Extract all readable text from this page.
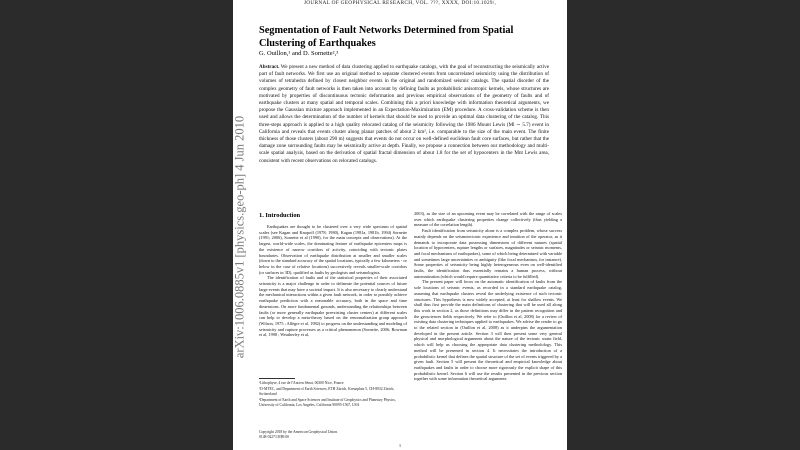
JOURNAL OF GEOPHYSICAL RESEARCH, VOL. ???, XXXX, DOI:10.1029/,
Segmentation of Fault Networks Determined from Spatial Clustering of Earthquakes
G. Ouillon,¹ and D. Sornette²,³
Abstract. We present a new method of data clustering applied to earthquake catalogs, with the goal of reconstructing the seismically active part of fault networks. We first use an original method to separate clustered events from uncorrelated seismicity using the distribution of volumes of tetrahedra defined by closest neighbor events in the original and randomized seismic catalogs. The spatial disorder of the complex geometry of fault networks is then taken into account by defining faults as probabilistic anisotropic kernels, whose structures are motivated by properties of discontinuous tectonic deformation and previous empirical observations of the geometry of faults and of earthquake clusters at many spatial and temporal scales. Combining this a priori knowledge with information theoretical arguments, we propose the Gaussian mixture approach implemented in an Expectation-Maximization (EM) procedure. A cross-validation scheme is then used and allows the determination of the number of kernels that should be used to provide an optimal data clustering of the catalog. This three-steps approach is applied to a high quality relocated catalog of the seismicity following the 1986 Mount Lewis (Ml ∼ 5.7) event in California and reveals that events cluster along planar patches of about 2 km², i.e. comparable to the size of the main event. The finite thickness of those clusters (about 290 m) suggests that events do not occur on well-defined euclidean fault core surfaces, but rather that the damage zone surrounding faults may be seismically active at depth. Finally, we propose a connection between our methodology and multi-scale spatial analysis, based on the derivation of spatial fractal dimension of about 1.8 for the set of hypocenters in the Mnt Lewis area, consistent with recent observations on relocated catalogs.
1. Introduction

Earthquakes are thought to be clustered over a very wide spectrum of spatial scales (see Kagan and Knopoff (1978; 1980), Kagan (1981a, 1981b, 1994) Sornette (1991; 2006), Sornette et al (1990), for the main concepts and observations). At the largest, world-wide scales, the dominating feature of earthquake epicenters maps is the existence of narrow corridors of activity, coinciding with tectonic plates boundaries. Observation of earthquake distribution at smaller and smaller scales (down to the standard accuracy of the spatial locations, typically a few kilometers - or below in the case of relative locations) successively reveals smaller-scale corridors (or surfaces in 3D), qualified as faults by geologists and seismologists.

The identification of faults and of the statistical properties of their associated seismicity is a major challenge in order to delineate the potential sources of future large events that may have a societal impact. It is also necessary to clearly understand the mechanical interactions within a given fault network, in order to possibly achieve earthquake prediction with a reasonable accuracy, both in the space and time dimensions. On more fundamental grounds, understanding the relationships between faults (or more generally earthquake preexisting cluster centers) at different scales can help to develop a meta-theory based on the renormalization group approach (Wilson, 1975 ; Allègre et al, 1982) to progress on the understanding and modeling of seismicity and rupture processes as a critical phenomenon (Sornette, 2006; Bowman et al, 1998 ; Weatherley et al,

2003), as the size of an upcoming event may be correlated with the range of scales over which earthquake clustering properties change collectively (thus yielding a measure of the correlation length).

Fault identification from seismicity alone is a complex problem, whose success mainly depends on the seismotectonic experience and intuition of the operator, as it demands to incorporate data possessing dimensions of different natures (spatial location of hypocenters, rupture lengths or surfaces, magnitudes or seismic moments, and focal mechanisms of earthquakes), some of which being determined with variable and sometimes large uncertainties or ambiguity (like focal mechanism, for instance). Some properties of seismicity being highly heterogeneous even on well-identified faults, the identification thus essentially remains a human process, without automatization (which would require quantitative criteria to be fulfilled).

The present paper will focus on the automatic identification of faults from the sole locations of seismic events, as recorded in a standard earthquake catalog, assuming that earthquake clusters reveal the underlying existence of such tectonic structures. This hypothesis is now widely accepted, at least for shallow events. We shall thus first provide the main definitions of clustering that will be used all along this work in section 2, as those definitions may differ in the pattern recognition and the geosciences fields respectively. We refer to (Ouillon et al, 2008) for a review of existing data clustering techniques applied to earthquakes. We advise the reader to go to the related section in (Ouillon et al, 2008) as it underpins the argumentation developed in the present article. Section 3 will then present some very general physical and morphological arguments about the nature of the tectonic strain field, which will help us choosing the appropriate data clustering methodology. This method will be presented in section 4. It necessitates the introduction of a probabilistic kernel that defines the spatial structure of the set of events triggered by a given fault. Section 5 will present the theoretical and empirical knowledge about earthquakes and faults in order to choose more rigorously the explicit shape of this probabilistic kernel. Section 6 will use the results presented in the previous section together with some information theoretical arguments

¹Lithophyse, 4 rue de l'Ancien Sénat, 06300 Nice, France

²D-MTEC, and Department of Earth Sciences, ETH Zürich, Kreuzplatz 5, CH-8032 Zürich, Switzerland

³Department of Earth and Space Sciences and Institute of Geophysics and Planetary Physics, University of California, Los Angeles, California 90095-1567, USA

Copyright 2018 by the American Geophysical Union.
0148-0227/18/$9.00
1
arXiv:1006.0885v1 [physics.geo-ph] 4 Jun 2010
